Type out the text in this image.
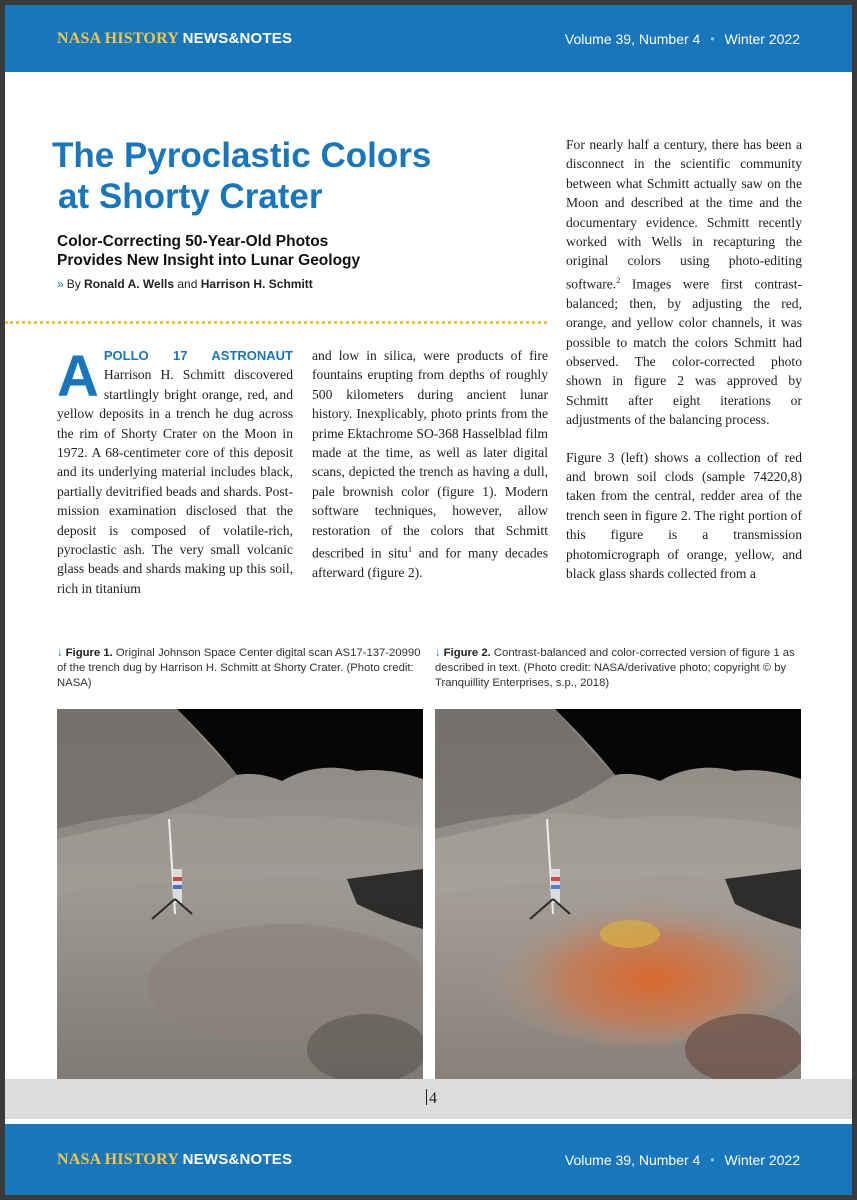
NASA HISTORY NEWS&NOTES	Volume 39, Number 4 • Winter 2022
The Pyroclastic Colors
at Shorty Crater
Color-Correcting 50-Year-Old Photos
Provides New Insight into Lunar Geology
» By Ronald A. Wells and Harrison H. Schmitt

APOLLO 17 ASTRONAUT Harrison H. Schmitt discovered startlingly bright orange, red, and yellow deposits in a trench he dug across the rim of Shorty Crater on the Moon in 1972. A 68-centimeter core of this deposit and its underlying material includes black, partially devitrified beads and shards. Post-mission examination disclosed that the deposit is composed of volatile-rich, pyroclastic ash. The very small volcanic glass beads and shards making up this soil, rich in titanium

and low in silica, were products of fire fountains erupting from depths of roughly 500 kilometers during ancient lunar history. Inexplicably, photo prints from the prime Ektachrome SO-368 Hasselblad film made at the time, as well as later digital scans, depicted the trench as having a dull, pale brownish color (figure 1). Modern software techniques, however, allow restoration of the colors that Schmitt described in situ$^1$ and for many decades afterward (figure 2).

For nearly half a century, there has been a disconnect in the scientific community between what Schmitt actually saw on the Moon and described at the time and the documentary evidence. Schmitt recently worked with Wells in recapturing the original colors using photo-editing software.$^2$ Images were first contrast-balanced; then, by adjusting the red, orange, and yellow color channels, it was possible to match the colors Schmitt had observed. The color-corrected photo shown in figure 2 was approved by Schmitt after eight iterations or adjustments of the balancing process.

Figure 3 (left) shows a collection of red and brown soil clods (sample 74220,8) taken from the central, redder area of the trench seen in figure 2. The right portion of this figure is a transmission photomicrograph of orange, yellow, and black glass shards collected from a

↓ Figure 1. Original Johnson Space Center digital scan AS17-137-20990 of the trench dug by Harrison H. Schmitt at Shorty Crater. (Photo credit: NASA)
↓ Figure 2. Contrast-balanced and color-corrected version of figure 1 as described in text. (Photo credit: NASA/derivative photo; copyright © by Tranquillity Enterprises, s.p., 2018)
4
NASA HISTORY NEWS&NOTES	Volume 39, Number 4 • Winter 2022
